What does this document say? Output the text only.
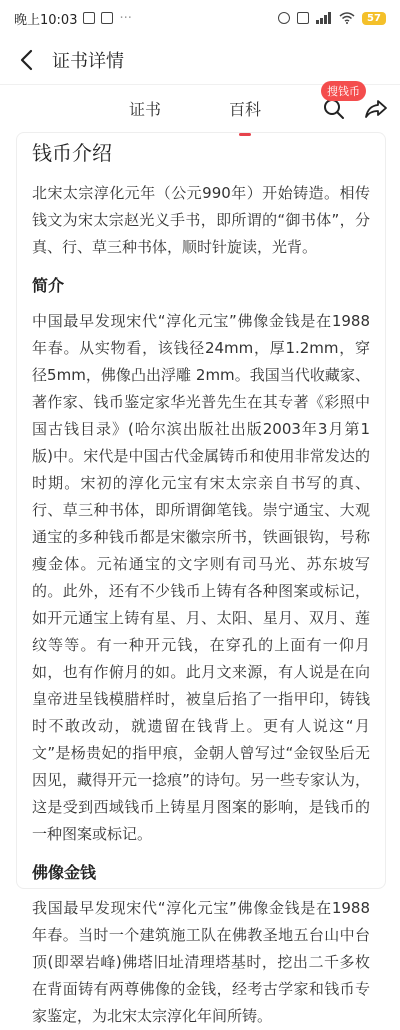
晚上10:03	···	57
证书详情
证书	百科
搜钱币
钱币介绍

北宋太宗淳化元年（公元990年）开始铸造。相传钱文为宋太宗赵光义手书，即所谓的“御书体”，分真、行、草三种书体，顺时针旋读，光背。

简介

中国最早发现宋代“淳化元宝”佛像金钱是在1988年春。从实物看，该钱径24mm，厚1.2mm，穿径5mm，佛像凸出浮雕 2mm。我国当代收藏家、著作家、钱币鉴定家华光普先生在其专著《彩照中国古钱目录》(哈尔滨出版社出版2003年3月第1版)中。宋代是中国古代金属铸币和使用非常发达的时期。宋初的淳化元宝有宋太宗亲自书写的真、行、草三种书体，即所谓御笔钱。崇宁通宝、大观通宝的多种钱币都是宋徽宗所书，铁画银钩，号称瘦金体。元祐通宝的文字则有司马光、苏东坡写的。此外，还有不少钱币上铸有各种图案或标记，如开元通宝上铸有星、月、太阳、星月、双月、莲纹等等。有一种开元钱，在穿孔的上面有一仰月如，也有作俯月的如。此月文来源，有人说是在向皇帝进呈钱模腊样时，被皇后掐了一指甲印，铸钱时不敢改动，就遗留在钱背上。更有人说这“月文”是杨贵妃的指甲痕，金朝人曾写过“金钗坠后无因见，藏得开元一捻痕”的诗句。另一些专家认为，这是受到西域钱币上铸星月图案的影响，是钱币的一种图案或标记。

佛像金钱

我国最早发现宋代“淳化元宝”佛像金钱是在1988年春。当时一个建筑施工队在佛教圣地五台山中台顶(即翠岩峰)佛塔旧址清理塔基时，挖出二千多枚在背面铸有两尊佛像的金钱，经考古学家和钱币专家鉴定，为北宋太宗淳化年间所铸。
